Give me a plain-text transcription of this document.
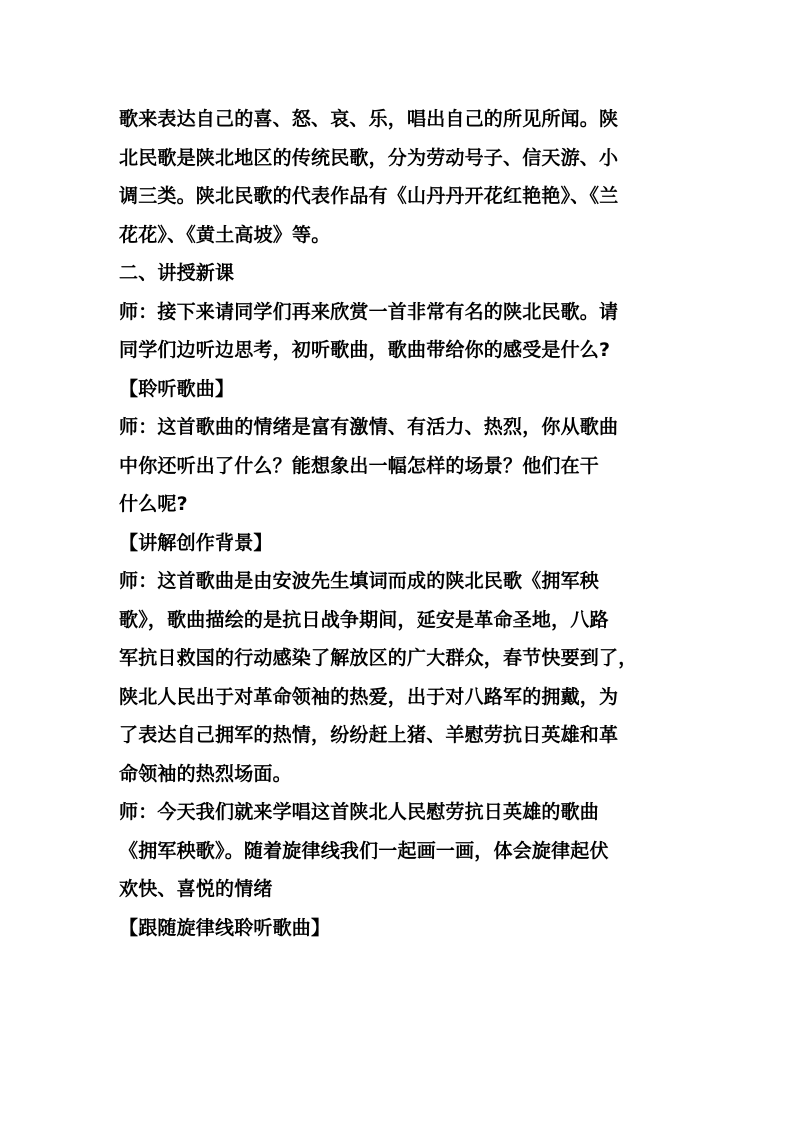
歌来表达自己的喜、怒、哀、乐，唱出自己的所见所闻。陕
北民歌是陕北地区的传统民歌，分为劳动号子、信天游、小
调三类。陕北民歌的代表作品有《山丹丹开花红艳艳》、《兰
花花》、《黄土高坡》等。

二、讲授新课

师：接下来请同学们再来欣赏一首非常有名的陕北民歌。请
同学们边听边思考，初听歌曲，歌曲带给你的感受是什么?

【聆听歌曲】

师：这首歌曲的情绪是富有激情、有活力、热烈，你从歌曲
中你还听出了什么？能想象出一幅怎样的场景？他们在干
什么呢?

【讲解创作背景】

师：这首歌曲是由安波先生填词而成的陕北民歌《拥军秧
歌》，歌曲描绘的是抗日战争期间，延安是革命圣地，八路
军抗日救国的行动感染了解放区的广大群众，春节快要到了，
陕北人民出于对革命领袖的热爱，出于对八路军的拥戴，为
了表达自己拥军的热情，纷纷赶上猪、羊慰劳抗日英雄和革
命领袖的热烈场面。

师：今天我们就来学唱这首陕北人民慰劳抗日英雄的歌曲
《拥军秧歌》。随着旋律线我们一起画一画，体会旋律起伏
欢快、喜悦的情绪

【跟随旋律线聆听歌曲】
